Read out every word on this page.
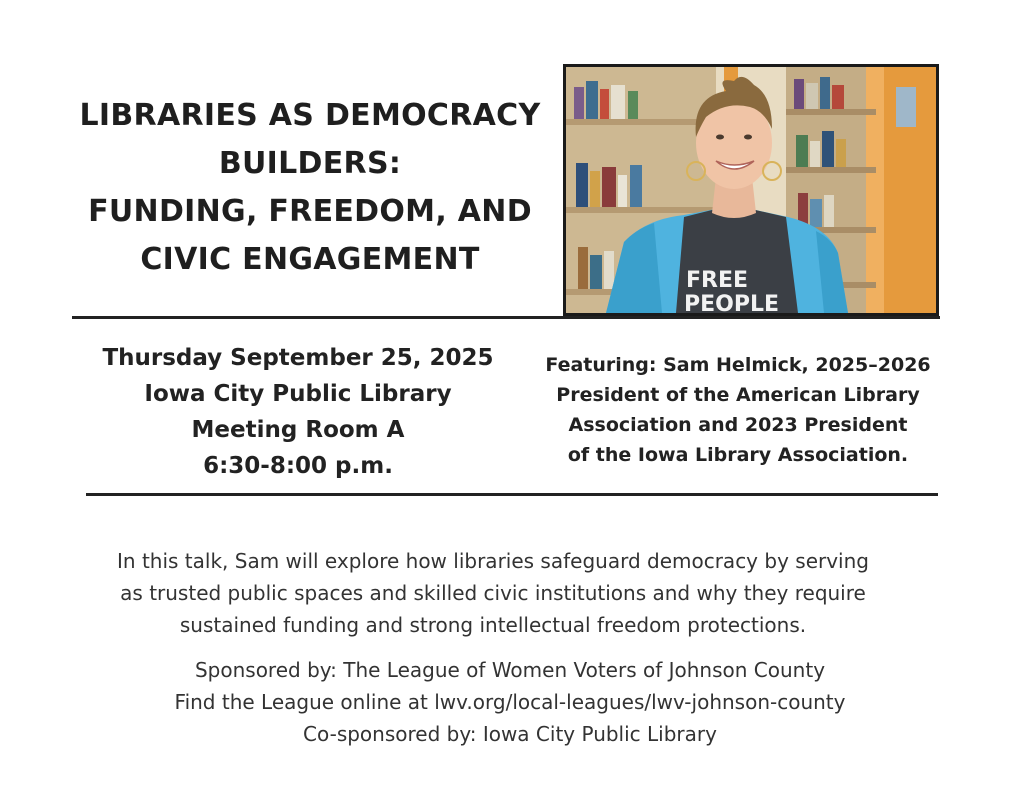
LIBRARIES AS DEMOCRACY
BUILDERS:
FUNDING, FREEDOM, AND
CIVIC ENGAGEMENT
FREE
PEOPLE
Thursday September 25, 2025
Iowa City Public Library
Meeting Room A
6:30-8:00 p.m.
Featuring: Sam Helmick, 2025–2026
President of the American Library
Association and 2023 President
of the Iowa Library Association.
In this talk, Sam will explore how libraries safeguard democracy by serving
as trusted public spaces and skilled civic institutions and why they require
sustained funding and strong intellectual freedom protections.
Sponsored by: The League of Women Voters of Johnson County
Find the League online at lwv.org/local-leagues/lwv-johnson-county
Co-sponsored by: Iowa City Public Library
